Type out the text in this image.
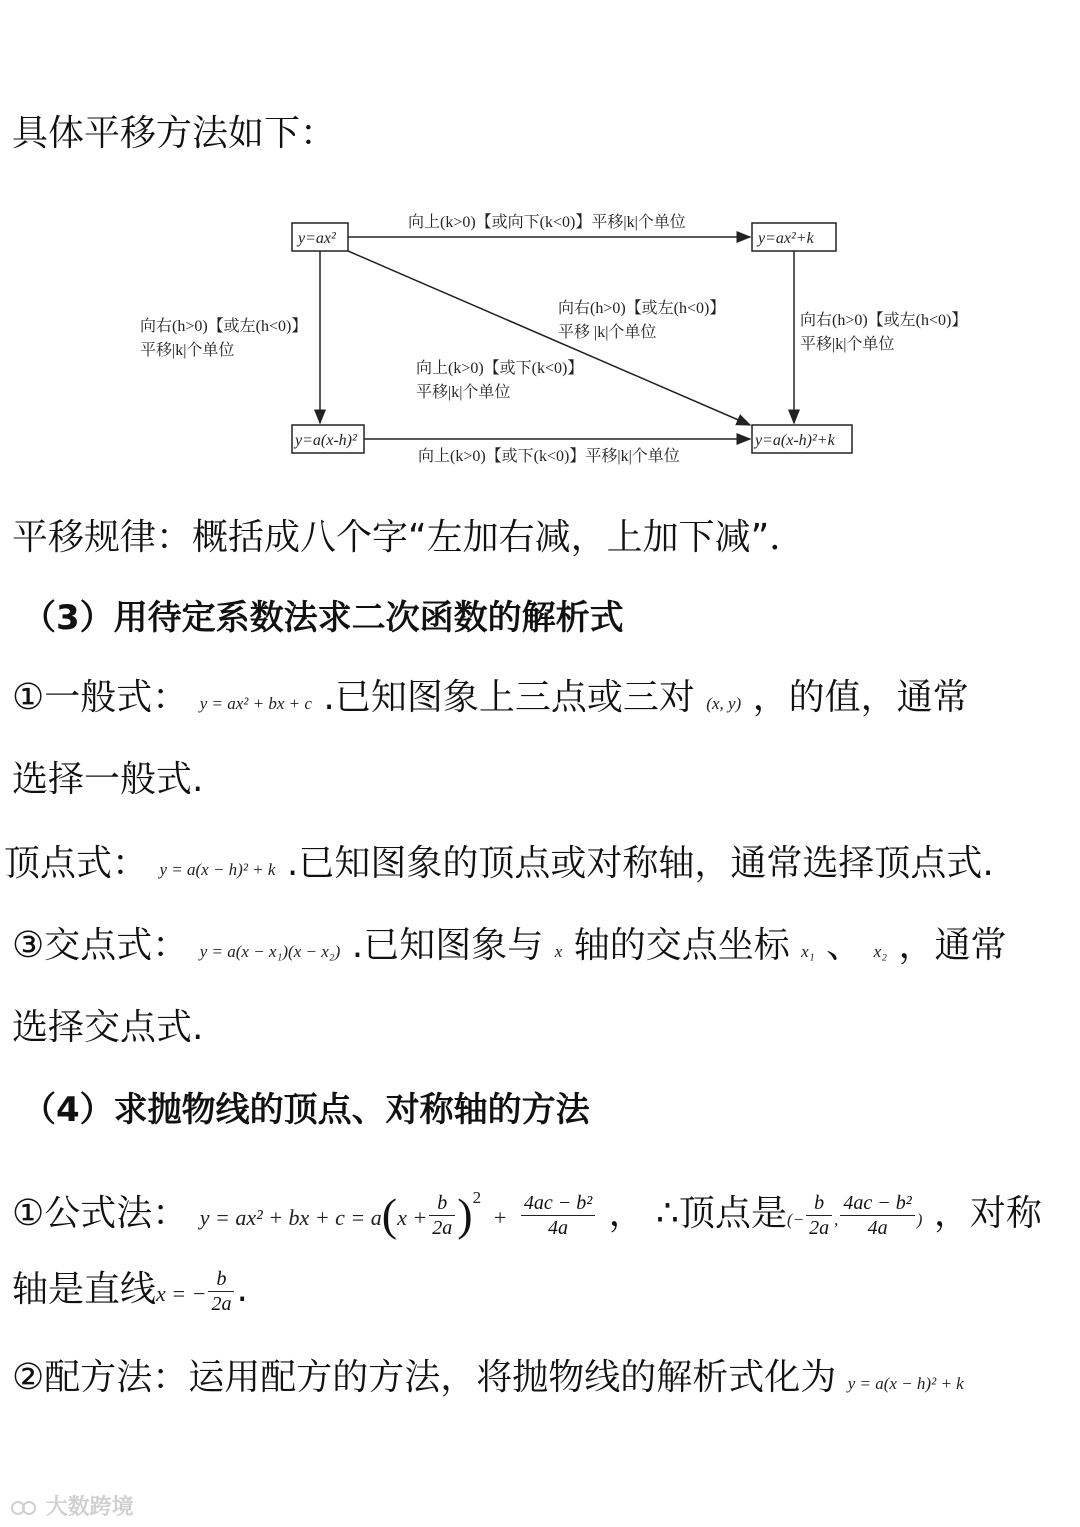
具体平移方法如下：
y=ax²	y=ax²+k
y=a(x-h)²	y=a(x-h)²+k
向上(k>0)【或向下(k<0)】平移|k|个单位
向右(h>0)【或左(h<0)】
平移|k|个单位
向右(h>0)【或左(h<0)】
平移 |k|个单位
向上(k>0)【或下(k<0)】
平移|k|个单位
向右(h>0)【或左(h<0)】
平移|k|个单位
向上(k>0)【或下(k<0)】平移|k|个单位
平移规律：概括成八个字“左加右减，上加下减”．
（3）用待定系数法求二次函数的解析式
①一般式： y = ax² + bx + c .已知图象上三点或三对 (x, y) ，的值，通常
选择一般式.
顶点式： y = a(x − h)² + k .已知图象的顶点或对称轴，通常选择顶点式.
③交点式： y = a(x − x₁)(x − x₂) .已知图象与 x 轴的交点坐标 x₁ 、 x₂ ，通常
选择交点式.
（4）求抛物线的顶点、对称轴的方法
①公式法： y = ax² + bx + $c = a(x + \frac{b}{2a} )^2 + \frac{\text{4ac − b²}}{4a}$ ， ∴顶点是(− $\frac{b}{2a}$ , $\frac{\text{4ac − b²}}{4a}$ ) ，对称
轴是直线x = − $\frac{b}{2a}$ .
②配方法：运用配方的方法，将抛物线的解析式化为 y = a(x − h)² + k
大数跨境
